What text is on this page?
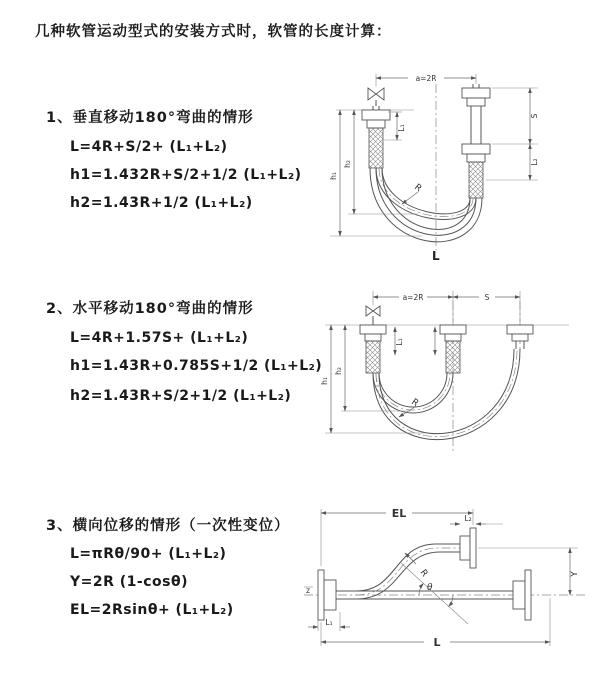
几种软管运动型式的安装方式时，软管的长度计算：
1、垂直移动180°弯曲的情形
L=4R+S/2+ (L₁+L₂)
h1=1.432R+S/2+1/2 (L₁+L₂)
h2=1.43R+1/2 (L₁+L₂)
a=2R
R
h₁
h₂
L₁
S
L₂
L
2、水平移动180°弯曲的情形
L=4R+1.57S+ (L₁+L₂)
h1=1.43R+0.785S+1/2 (L₁+L₂)
h2=1.43R+S/2+1/2 (L₁+L₂)
a=2R	S
R
h₁
h₂
L₁
3、横向位移的情形（一次性变位）
L=πRθ/90+ (L₁+L₂)
Y=2R (1-cosθ)
EL=2Rsinθ+ (L₁+L₂)
z
EL	L₂
Y
θ
R
L₁
L
